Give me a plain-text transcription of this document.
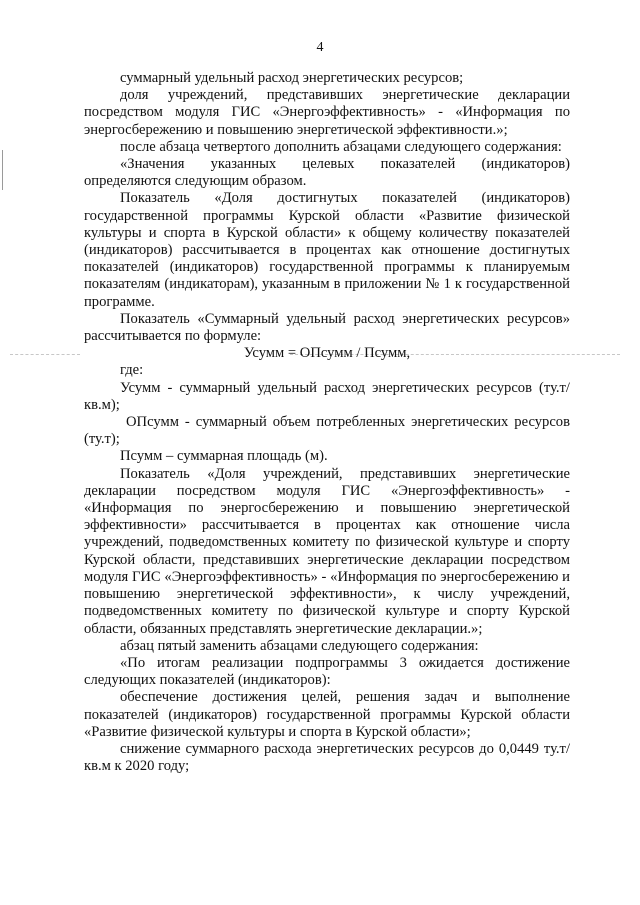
4

суммарный удельный расход энергетических ресурсов;

доля учреждений, представивших энергетические декларации посредством модуля ГИС «Энергоэффективность» - «Информация по энергосбережению и повышению энергетической эффективности.»;

после абзаца четвертого дополнить абзацами следующего содержания:

«Значения указанных целевых показателей (индикаторов) определяются следующим образом.

Показатель «Доля достигнутых показателей (индикаторов) государственной программы Курской области «Развитие физической культуры и спорта в Курской области» к общему количеству показателей (индикаторов) рассчитывается в процентах как отношение достигнутых показателей (индикаторов) государственной программы к планируемым показателям (индикаторам), указанным в приложении № 1 к государственной программе.

Показатель «Суммарный удельный расход энергетических ресурсов» рассчитывается по формуле:

Усумм = ОПсумм / Псумм,

где:

Усумм - суммарный удельный расход энергетических ресурсов (ту.т/кв.м);

ОПсумм - суммарный объем потребленных энергетических ресурсов (ту.т);

Псумм – суммарная площадь (м).

Показатель «Доля учреждений, представивших энергетические декларации посредством модуля ГИС «Энергоэффективность» - «Информация по энергосбережению и повышению энергетической эффективности» рассчитывается в процентах как отношение числа учреждений, подведомственных комитету по физической культуре и спорту Курской области, представивших энергетические декларации посредством модуля ГИС «Энергоэффективность» - «Информация по энергосбережению и повышению энергетической эффективности», к числу учреждений, подведомственных комитету по физической культуре и спорту Курской области, обязанных представлять энергетические декларации.»;

абзац пятый заменить абзацами следующего содержания:

«По итогам реализации подпрограммы 3 ожидается достижение следующих показателей (индикаторов):

обеспечение достижения целей, решения задач и выполнение показателей (индикаторов) государственной программы Курской области «Развитие физической культуры и спорта в Курской области»;

снижение суммарного расхода энергетических ресурсов до 0,0449 ту.т/кв.м к 2020 году;
